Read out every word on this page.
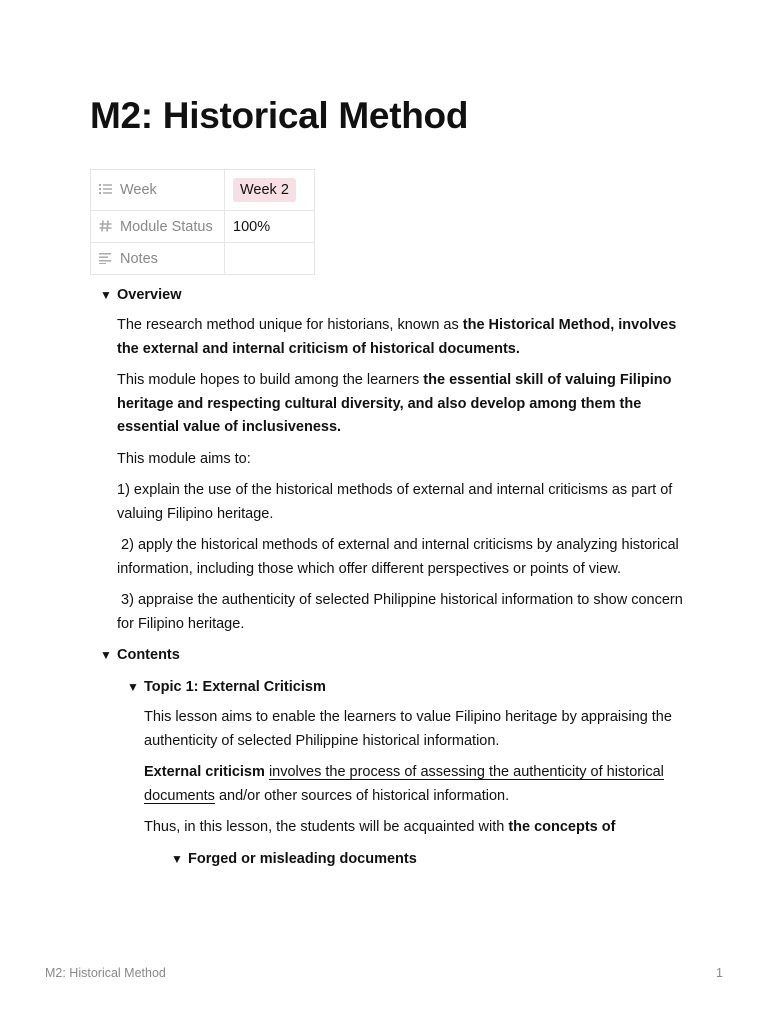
M2: Historical Method
Week	Week 2
Module Status	100%
Notes	
▼ Overview

The research method unique for historians, known as the Historical Method, involves the external and internal criticism of historical documents.

This module hopes to build among the learners the essential skill of valuing Filipino heritage and respecting cultural diversity, and also develop among them the essential value of inclusiveness.

This module aims to:

1) explain the use of the historical methods of external and internal criticisms as part of valuing Filipino heritage.

2) apply the historical methods of external and internal criticisms by analyzing historical information, including those which offer different perspectives or points of view.

3) appraise the authenticity of selected Philippine historical information to show concern for Filipino heritage.

▼ Contents
▼ Topic 1: External Criticism

This lesson aims to enable the learners to value Filipino heritage by appraising the authenticity of selected Philippine historical information.

External criticism involves the process of assessing the authenticity of historical documents and/or other sources of historical information.

Thus, in this lesson, the students will be acquainted with the concepts of

▼ Forged or misleading documents
M2: Historical Method	1
